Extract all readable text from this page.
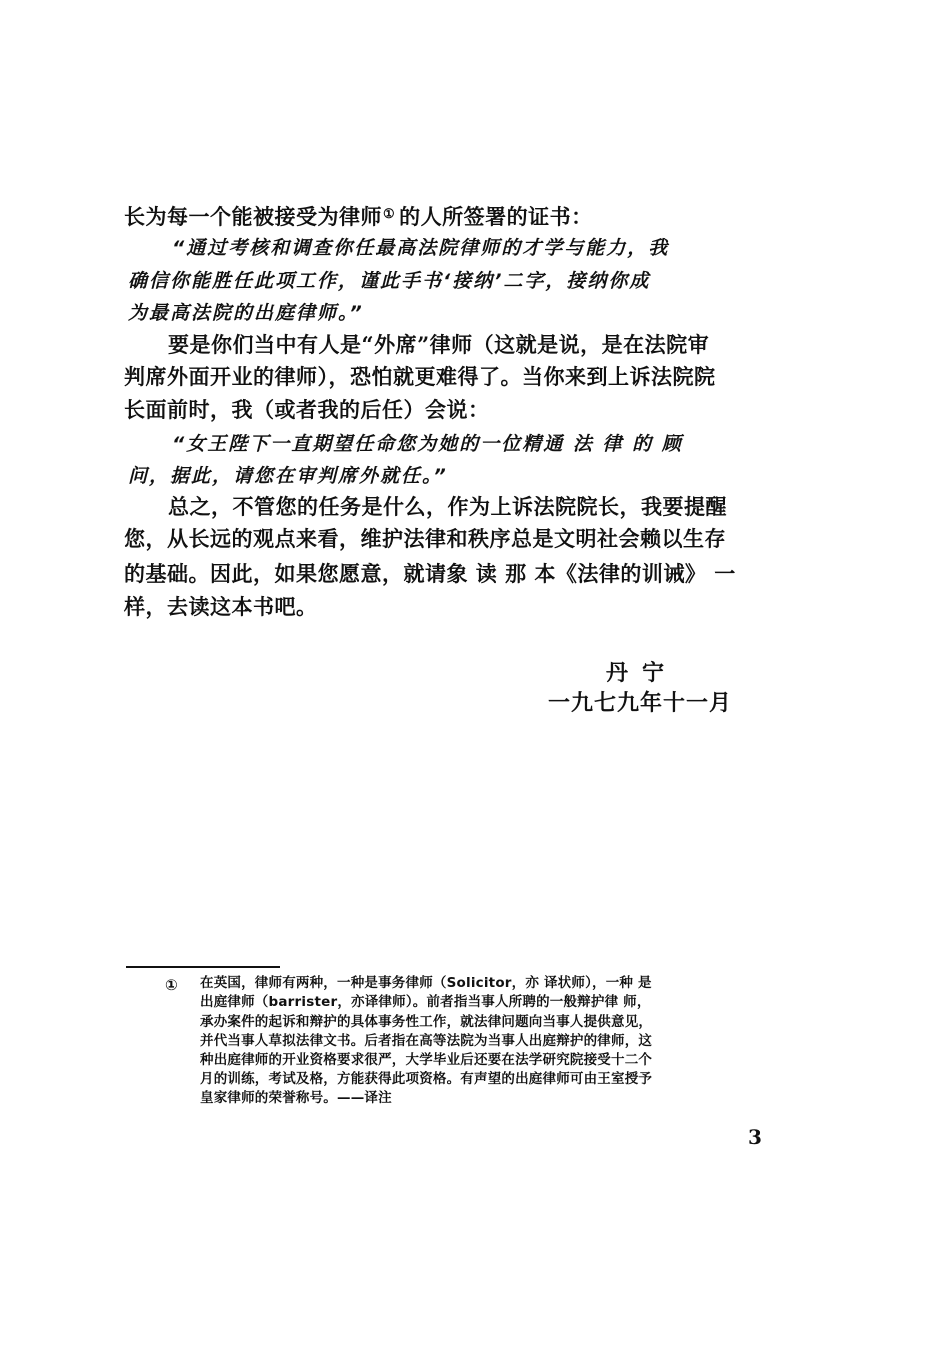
长为每一个能被接受为律师① 的人所签署的证书：
“通过考核和调查你任最高法院律师的才学与能力，我
确信你能胜任此项工作，谨此手书‘接纳’二字，接纳你成
为最高法院的出庭律师。”
要是你们当中有人是“外席”律师（这就是说，是在法院审
判席外面开业的律师），恐怕就更难得了。当你来到上诉法院院
长面前时，我（或者我的后任）会说：
“女王陛下一直期望任命您为她的一位精通 法 律 的 顾
问，据此，请您在审判席外就任。”
总之，不管您的任务是什么，作为上诉法院院长，我要提醒
您，从长远的观点来看，维护法律和秩序总是文明社会赖以生存
的基础。因此，如果您愿意，就请象 读 那 本《法律的训诫》 一
样，去读这本书吧。
丹宁
一九七九年十一月
① 在英国，律师有两种，一种是事务律师（Solicitor，亦 译状师），一种 是
出庭律师（barrister，亦译律师）。前者指当事人所聘的一般辩护律 师，
承办案件的起诉和辩护的具体事务性工作，就法律问题向当事人提供意见，
并代当事人草拟法律文书。后者指在高等法院为当事人出庭辩护的律师，这
种出庭律师的开业资格要求很严，大学毕业后还要在法学研究院接受十二个
月的训练，考试及格，方能获得此项资格。有声望的出庭律师可由王室授予
皇家律师的荣誉称号。——译注
3
